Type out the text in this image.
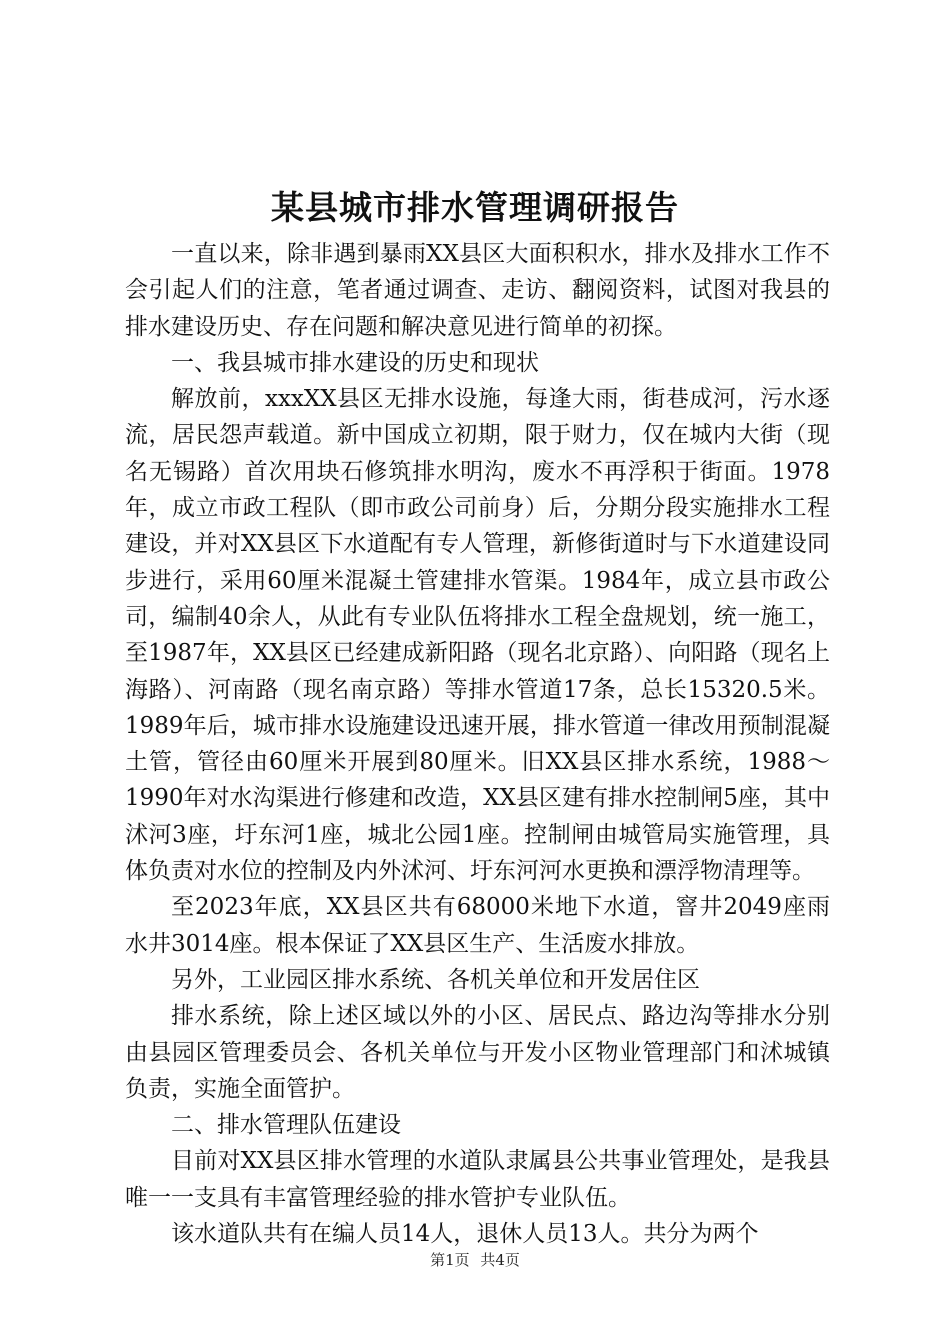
某县城市排水管理调研报告

一直以来，除非遇到暴雨XX县区大面积积水，排水及排水工作不会引起人们的注意，笔者通过调查、走访、翻阅资料，试图对我县的排水建设历史、存在问题和解决意见进行简单的初探。

一、我县城市排水建设的历史和现状

解放前，xxxXX县区无排水设施，每逢大雨，街巷成河，污水逐流，居民怨声载道。新中国成立初期，限于财力，仅在城内大街（现名无锡路）首次用块石修筑排水明沟，废水不再浮积于街面。1978年，成立市政工程队（即市政公司前身）后，分期分段实施排水工程建设，并对XX县区下水道配有专人管理，新修街道时与下水道建设同步进行，采用60厘米混凝土管建排水管渠。1984年，成立县市政公司，编制40余人，从此有专业队伍将排水工程全盘规划，统一施工，至1987年，XX县区已经建成新阳路（现名北京路）、向阳路（现名上海路）、河南路（现名南京路）等排水管道17条，总长15320.5米。1989年后，城市排水设施建设迅速开展，排水管道一律改用预制混凝土管，管径由60厘米开展到80厘米。旧XX县区排水系统，1988～1990年对水沟渠进行修建和改造，XX县区建有排水控制闸5座，其中沭河3座，圩东河1座，城北公园1座。控制闸由城管局实施管理，具体负责对水位的控制及内外沭河、圩东河河水更换和漂浮物清理等。

至2023年底，XX县区共有68000米地下水道，窨井2049座雨水井3014座。根本保证了XX县区生产、生活废水排放。

另外，工业园区排水系统、各机关单位和开发居住区

排水系统，除上述区域以外的小区、居民点、路边沟等排水分别由县园区管理委员会、各机关单位与开发小区物业管理部门和沭城镇负责，实施全面管护。

二、排水管理队伍建设

目前对XX县区排水管理的水道队隶属县公共事业管理处，是我县唯一一支具有丰富管理经验的排水管护专业队伍。

该水道队共有在编人员14人，退休人员13人。共分为两个

第1页 共4页
